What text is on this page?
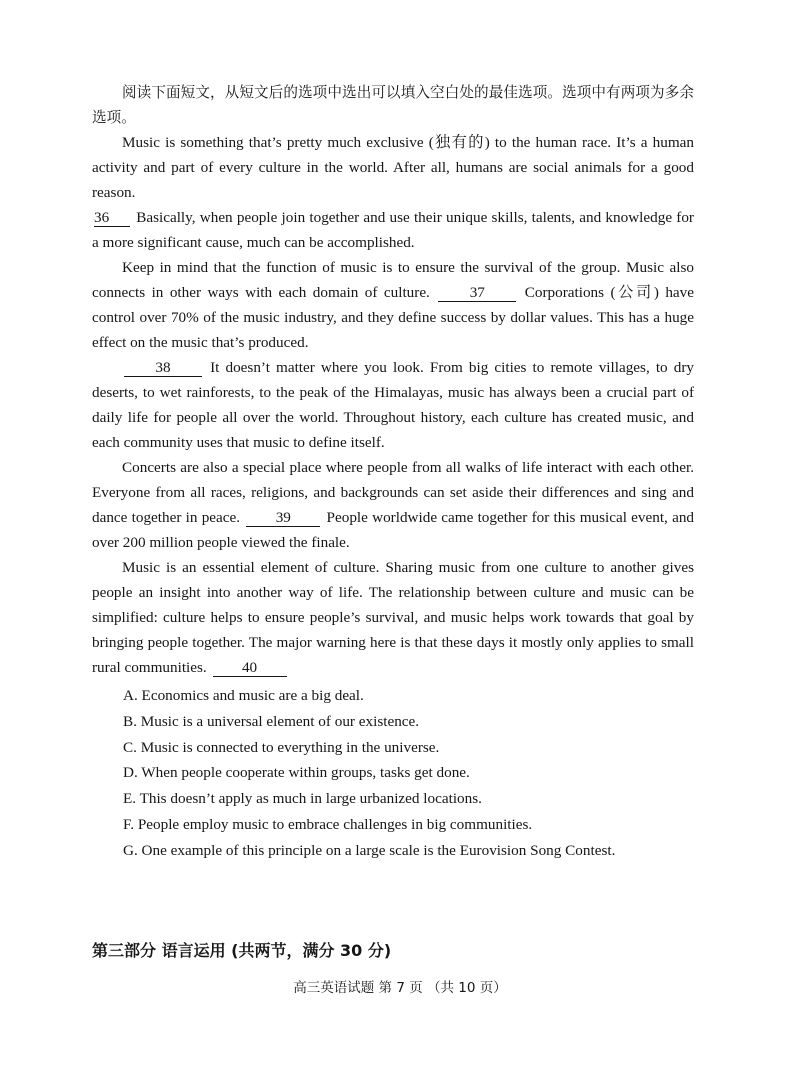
阅读下面短文，从短文后的选项中选出可以填入空白处的最佳选项。选项中有两项为多余选项。

Music is something that’s pretty much exclusive (独有的) to the human race. It’s a human activity and part of every culture in the world. After all, humans are social animals for a good reason.
36 Basically, when people join together and use their unique skills, talents, and knowledge for a more significant cause, much can be accomplished.

Keep in mind that the function of music is to ensure the survival of the group. Music also connects in other ways with each domain of culture.	37	Corporations (公司) have control over 70% of the music industry, and they define success by dollar values. This has a huge effect on the music that’s produced.

38	It doesn’t matter where you look. From big cities to remote villages, to dry deserts, to wet rainforests, to the peak of the Himalayas, music has always been a crucial part of daily life for people all over the world. Throughout history, each culture has created music, and each community uses that music to define itself.

Concerts are also a special place where people from all walks of life interact with each other. Everyone from all races, religions, and backgrounds can set aside their differences and sing and dance together in peace. 39 People worldwide came together for this musical event, and over 200 million people viewed the finale.

Music is an essential element of culture. Sharing music from one culture to another gives people an insight into another way of life. The relationship between culture and music can be simplified: culture helps to ensure people’s survival, and music helps work towards that goal by bringing people together. The major warning here is that these days it mostly only applies to small rural communities. 40

A. Economics and music are a big deal.
B. Music is a universal element of our existence.
C. Music is connected to everything in the universe.
D. When people cooperate within groups, tasks get done.
E. This doesn’t apply as much in large urbanized locations.
F. People employ music to embrace challenges in big communities.
G. One example of this principle on a large scale is the Eurovision Song Contest.
第三部分 语言运用 (共两节，满分 30 分)
高三英语试题 第 7 页 （共 10 页）
